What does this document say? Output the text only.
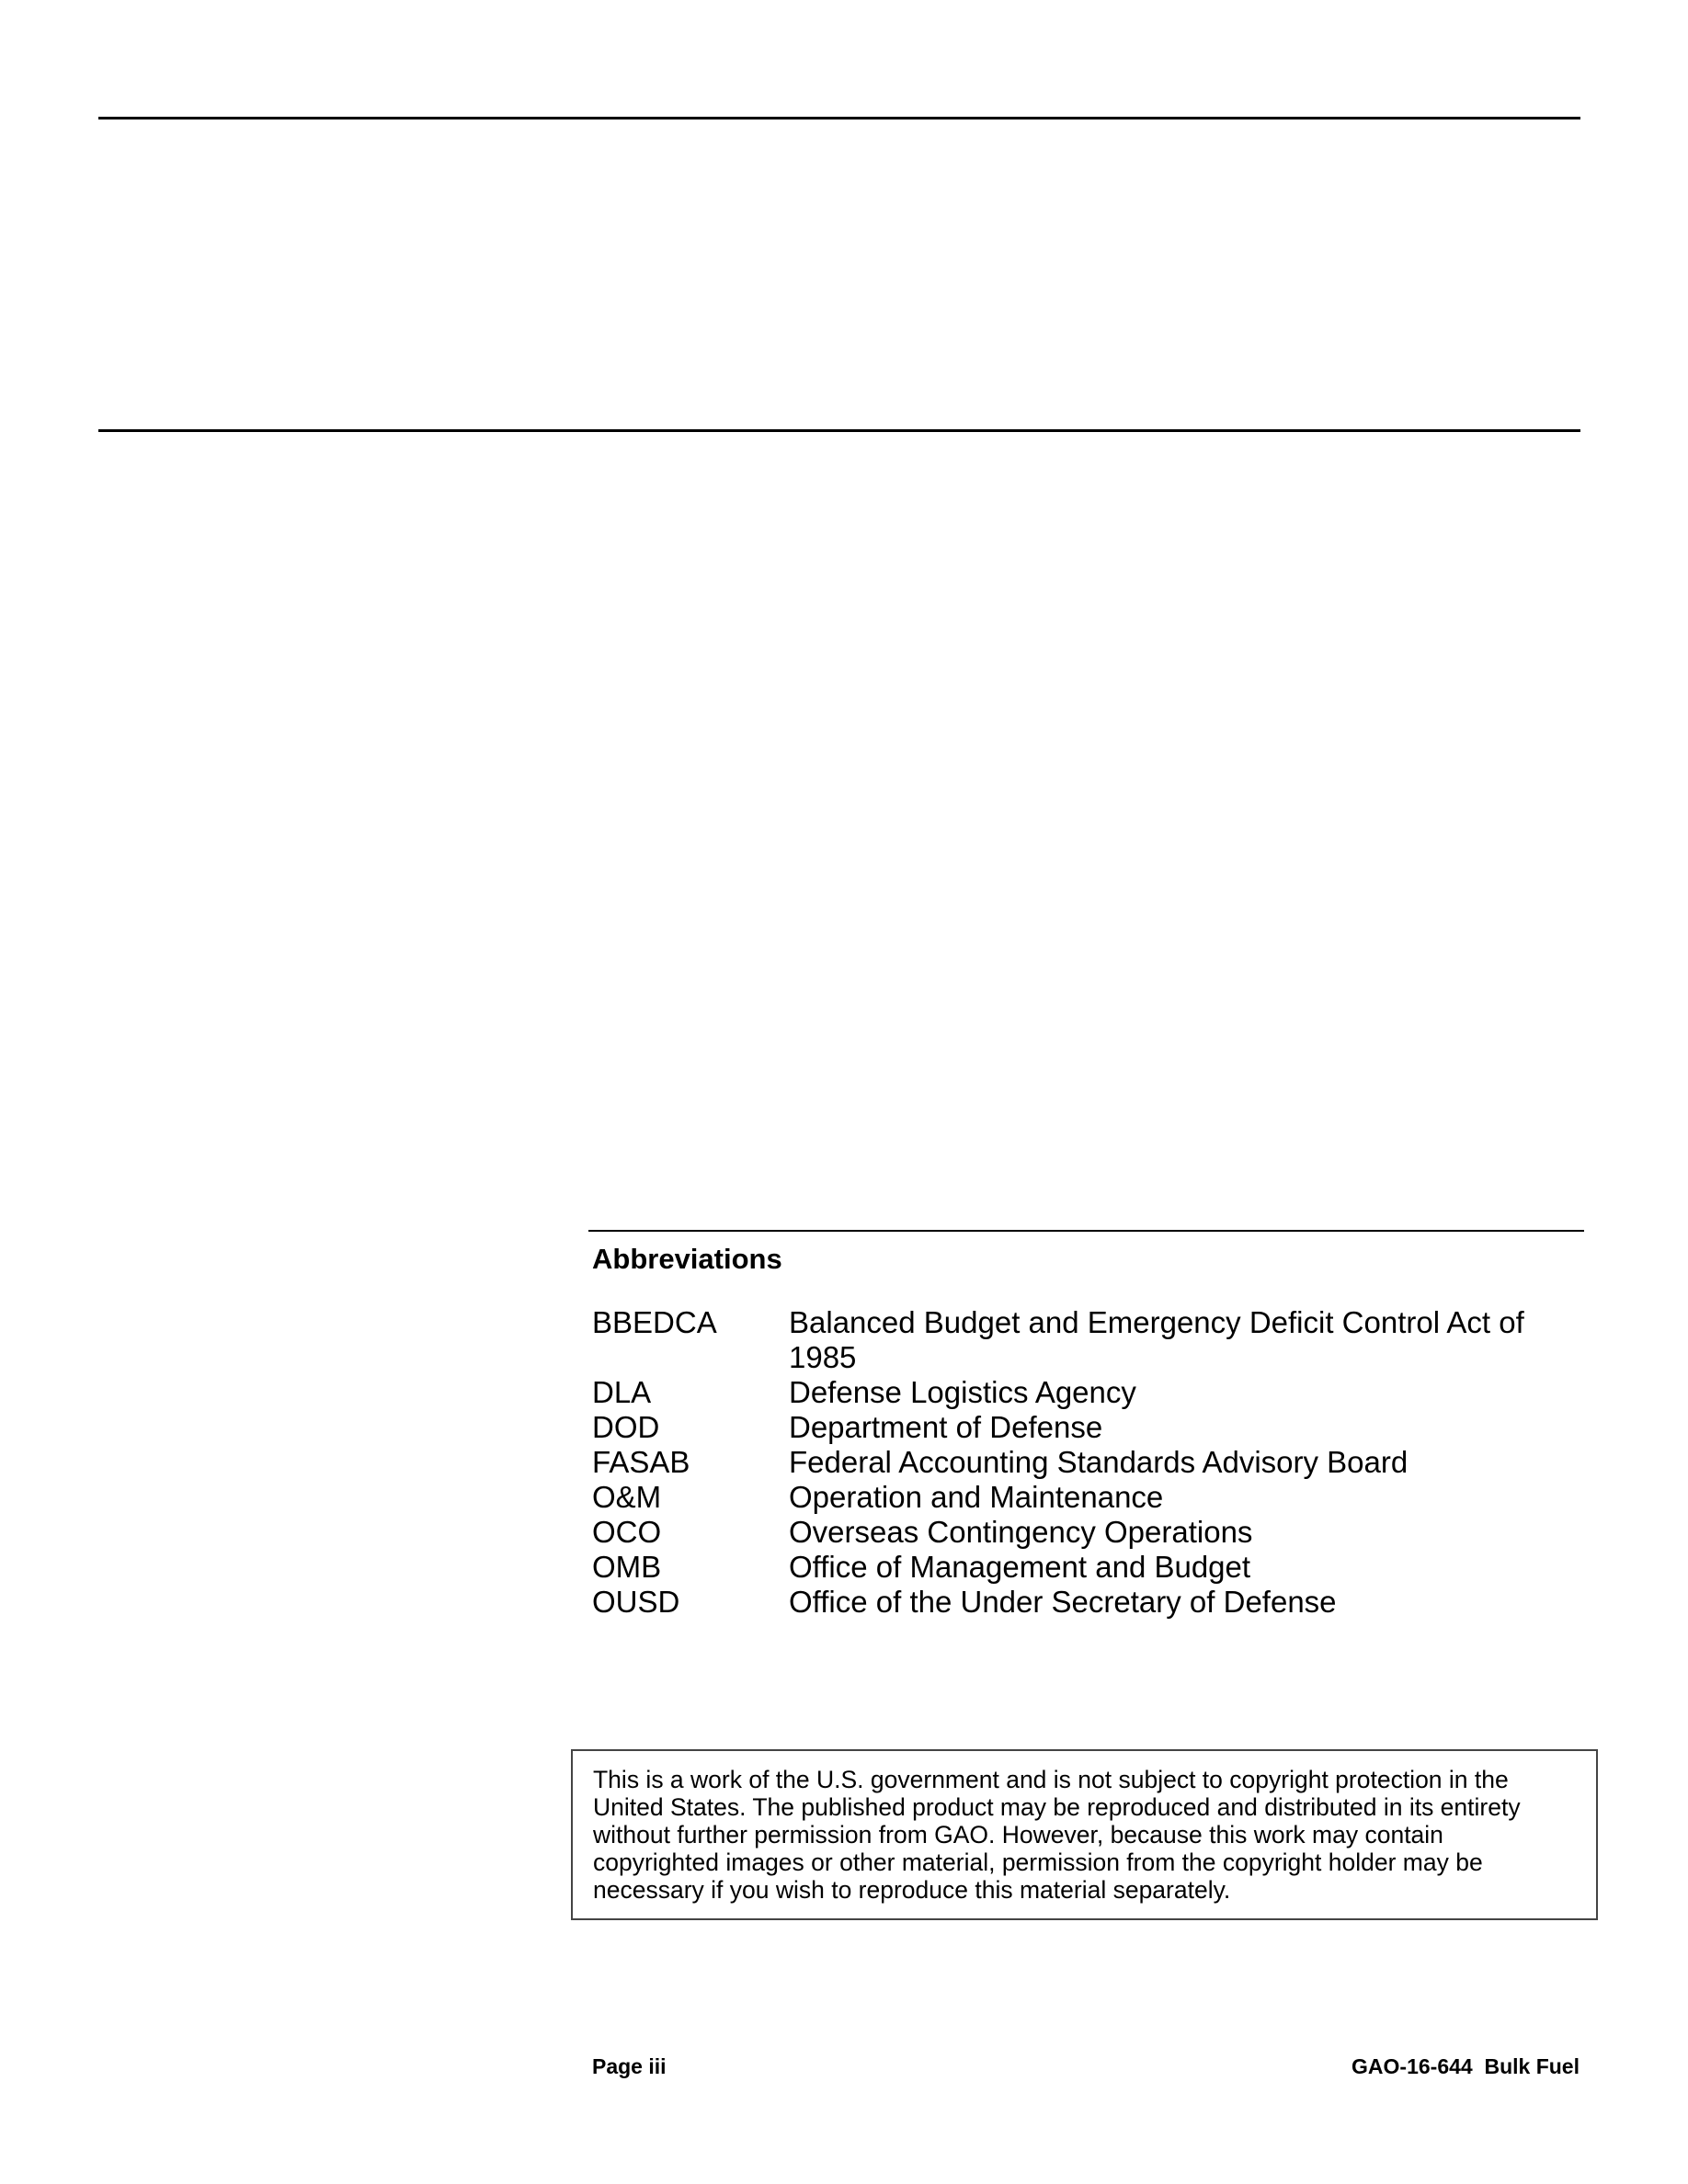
Abbreviations
BBEDCA	Balanced Budget and Emergency Deficit Control Act of 1985
DLA	Defense Logistics Agency
DOD	Department of Defense
FASAB	Federal Accounting Standards Advisory Board
O&M	Operation and Maintenance
OCO	Overseas Contingency Operations
OMB	Office of Management and Budget
OUSD	Office of the Under Secretary of Defense

This is a work of the U.S. government and is not subject to copyright protection in the United States. The published product may be reproduced and distributed in its entirety without further permission from GAO. However, because this work may contain copyrighted images or other material, permission from the copyright holder may be necessary if you wish to reproduce this material separately.

Page iii	GAO-16-644  Bulk Fuel
